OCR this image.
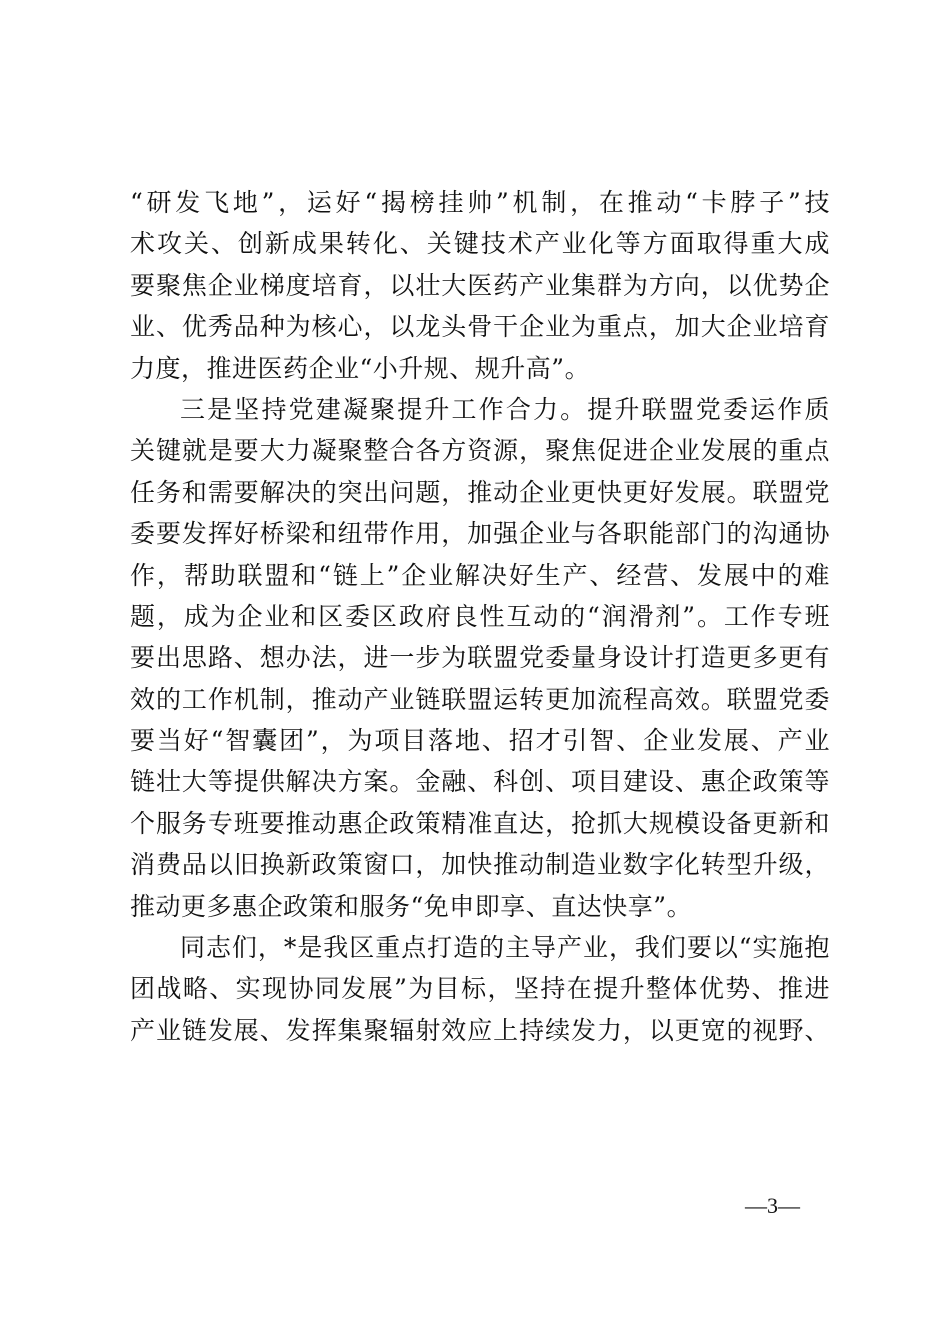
“研发飞地”，运好“揭榜挂帅”机制，在推动“卡脖子”技
术攻关、创新成果转化、关键技术产业化等方面取得重大成
要聚焦企业梯度培育，以壮大医药产业集群为方向，以优势企
业、优秀品种为核心，以龙头骨干企业为重点，加大企业培育
力度，推进医药企业“小升规、规升高”。
三是坚持党建凝聚提升工作合力。提升联盟党委运作质
关键就是要大力凝聚整合各方资源，聚焦促进企业发展的重点
任务和需要解决的突出问题，推动企业更快更好发展。联盟党
委要发挥好桥梁和纽带作用，加强企业与各职能部门的沟通协
作，帮助联盟和“链上”企业解决好生产、经营、发展中的难
题，成为企业和区委区政府良性互动的“润滑剂”。工作专班
要出思路、想办法，进一步为联盟党委量身设计打造更多更有
效的工作机制，推动产业链联盟运转更加流程高效。联盟党委
要当好“智囊团”，为项目落地、招才引智、企业发展、产业
链壮大等提供解决方案。金融、科创、项目建设、惠企政策等
个服务专班要推动惠企政策精准直达，抢抓大规模设备更新和
消费品以旧换新政策窗口，加快推动制造业数字化转型升级，
推动更多惠企政策和服务“免申即享、直达快享”。
同志们，*是我区重点打造的主导产业，我们要以“实施抱
团战略、实现协同发展”为目标，坚持在提升整体优势、推进
产业链发展、发挥集聚辐射效应上持续发力，以更宽的视野、
—3—
